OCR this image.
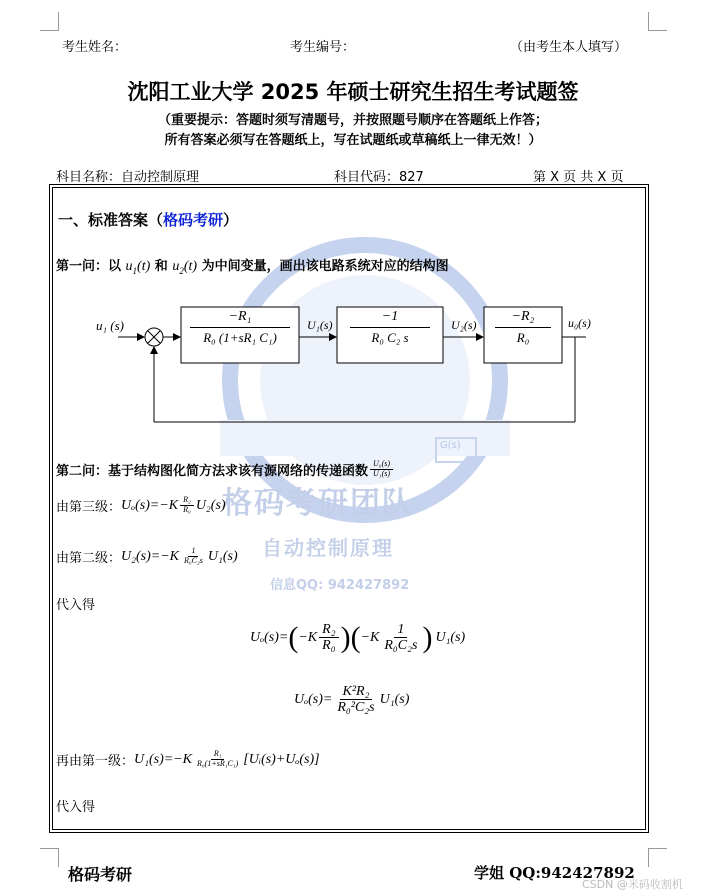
考生姓名：	考生编号：	（由考生本人填写）
沈阳工业大学 2025 年硕士研究生招生考试题签
（重要提示：答题时须写清题号，并按照题号顺序在答题纸上作答；
所有答案必须写在答题纸上，写在试题纸或草稿纸上一律无效！）
科目名称：自动控制原理	科目代码：827	第 X 页 共 X 页
格码考研团队
自动控制原理
信息QQ: 942427892
G(s)
一、标准答案（格码考研）
第一问：以 $u_1(t)$ 和 $u_2(t)$ 为中间变量，画出该电路系统对应的结构图
u₁ (s)	u₀(s)
U₁(s)	U₂(s)
$\frac{\text{−R₁}}{\text{R₀ (1+sR₁ C₁)}}$	$\frac{-1}{\text{R₀ C₂ s}}$	$\frac{\text{−R₂}}{\text{R₀}}$
第二问：基于结构图化简方法求该有源网络的传递函数 $\frac{\text{U₀(s)}}{\text{U₁(s)}}$
由第三级： $U_o(s)=-K \frac{\text{R₂}}{\text{R₀}} U_2(s)$
由第二级： $U_2(s)=-K \frac{1}{\text{R₀C₂s}} U_1(s)$
代入得
Uₒ(s)= ( $-K \frac{\text{R₂}}{\text{R₀}}$ ) ( $-K \frac{1}{\text{R₀C₂s}}$ ) U₁(s)
$U_o(s)= \frac{\text{K²R₂}}{\text{R₀²C₂s}} U_1(s)$
再由第一级： $U_1(s)=-K \frac{\text{R₁}}{\text{R₀(1+sR₁C₁)}}$ [Uᵢ(s)+Uₒ(s)]
代入得
格码考研	学姐 QQ:942427892
CSDN @米码收割机
